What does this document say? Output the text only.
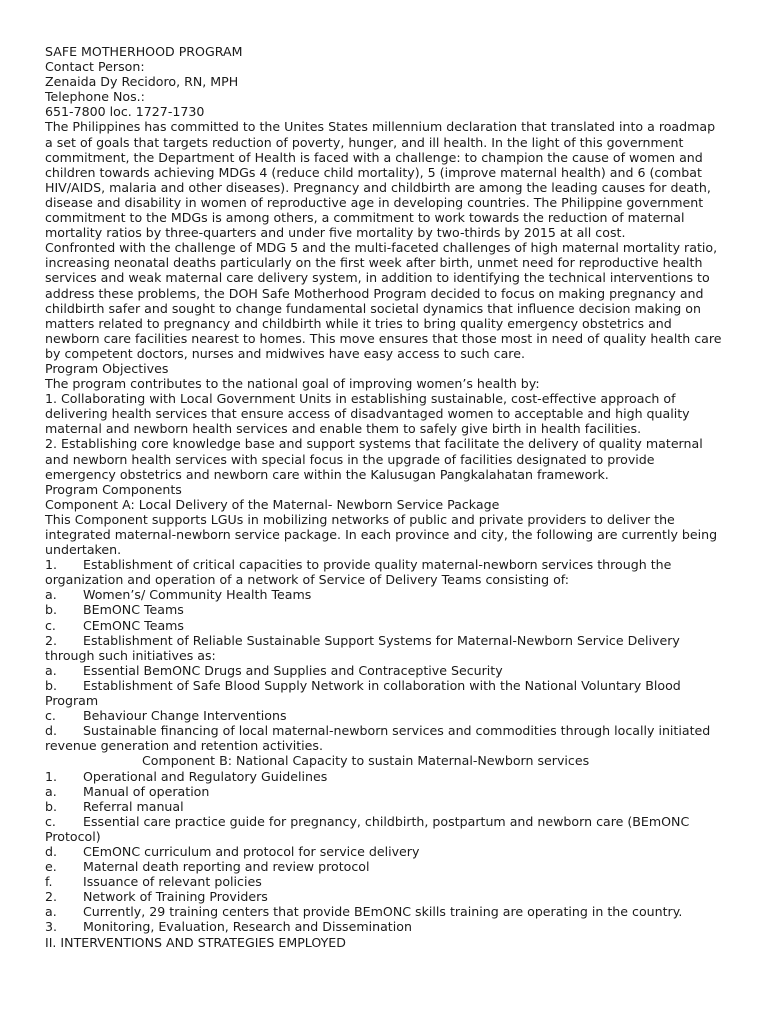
SAFE MOTHERHOOD PROGRAM
Contact Person:
Zenaida Dy Recidoro, RN, MPH
Telephone Nos.:
651-7800 loc. 1727-1730
The Philippines has committed to the Unites States millennium declaration that translated into a roadmap
a set of goals that targets reduction of poverty, hunger, and ill health. In the light of this government
commitment, the Department of Health is faced with a challenge: to champion the cause of women and
children towards achieving MDGs 4 (reduce child mortality), 5 (improve maternal health) and 6 (combat
HIV/AIDS, malaria and other diseases). Pregnancy and childbirth are among the leading causes for death,
disease and disability in women of reproductive age in developing countries. The Philippine government
commitment to the MDGs is among others, a commitment to work towards the reduction of maternal
mortality ratios by three-quarters and under five mortality by two-thirds by 2015 at all cost.
Confronted with the challenge of MDG 5 and the multi-faceted challenges of high maternal mortality ratio,
increasing neonatal deaths particularly on the first week after birth, unmet need for reproductive health
services and weak maternal care delivery system, in addition to identifying the technical interventions to
address these problems, the DOH Safe Motherhood Program decided to focus on making pregnancy and
childbirth safer and sought to change fundamental societal dynamics that influence decision making on
matters related to pregnancy and childbirth while it tries to bring quality emergency obstetrics and
newborn care facilities nearest to homes. This move ensures that those most in need of quality health care
by competent doctors, nurses and midwives have easy access to such care.
Program Objectives
The program contributes to the national goal of improving women’s health by:
1. Collaborating with Local Government Units in establishing sustainable, cost-effective approach of
delivering health services that ensure access of disadvantaged women to acceptable and high quality
maternal and newborn health services and enable them to safely give birth in health facilities.
2. Establishing core knowledge base and support systems that facilitate the delivery of quality maternal
and newborn health services with special focus in the upgrade of facilities designated to provide
emergency obstetrics and newborn care within the Kalusugan Pangkalahatan framework.
Program Components
Component A: Local Delivery of the Maternal- Newborn Service Package
This Component supports LGUs in mobilizing networks of public and private providers to deliver the
integrated maternal-newborn service package. In each province and city, the following are currently being
undertaken.
1. Establishment of critical capacities to provide quality maternal-newborn services through the
organization and operation of a network of Service of Delivery Teams consisting of:
a. Women’s/ Community Health Teams
b. BEmONC Teams
c. CEmONC Teams
2. Establishment of Reliable Sustainable Support Systems for Maternal-Newborn Service Delivery
through such initiatives as:
a. Essential BemONC Drugs and Supplies and Contraceptive Security
b. Establishment of Safe Blood Supply Network in collaboration with the National Voluntary Blood
Program
c. Behaviour Change Interventions
d. Sustainable financing of local maternal-newborn services and commodities through locally initiated
revenue generation and retention activities.
Component B: National Capacity to sustain Maternal-Newborn services
1. Operational and Regulatory Guidelines
a. Manual of operation
b. Referral manual
c. Essential care practice guide for pregnancy, childbirth, postpartum and newborn care (BEmONC
Protocol)
d. CEmONC curriculum and protocol for service delivery
e. Maternal death reporting and review protocol
f. Issuance of relevant policies
2. Network of Training Providers
a. Currently, 29 training centers that provide BEmONC skills training are operating in the country.
3. Monitoring, Evaluation, Research and Dissemination
II. INTERVENTIONS AND STRATEGIES EMPLOYED
